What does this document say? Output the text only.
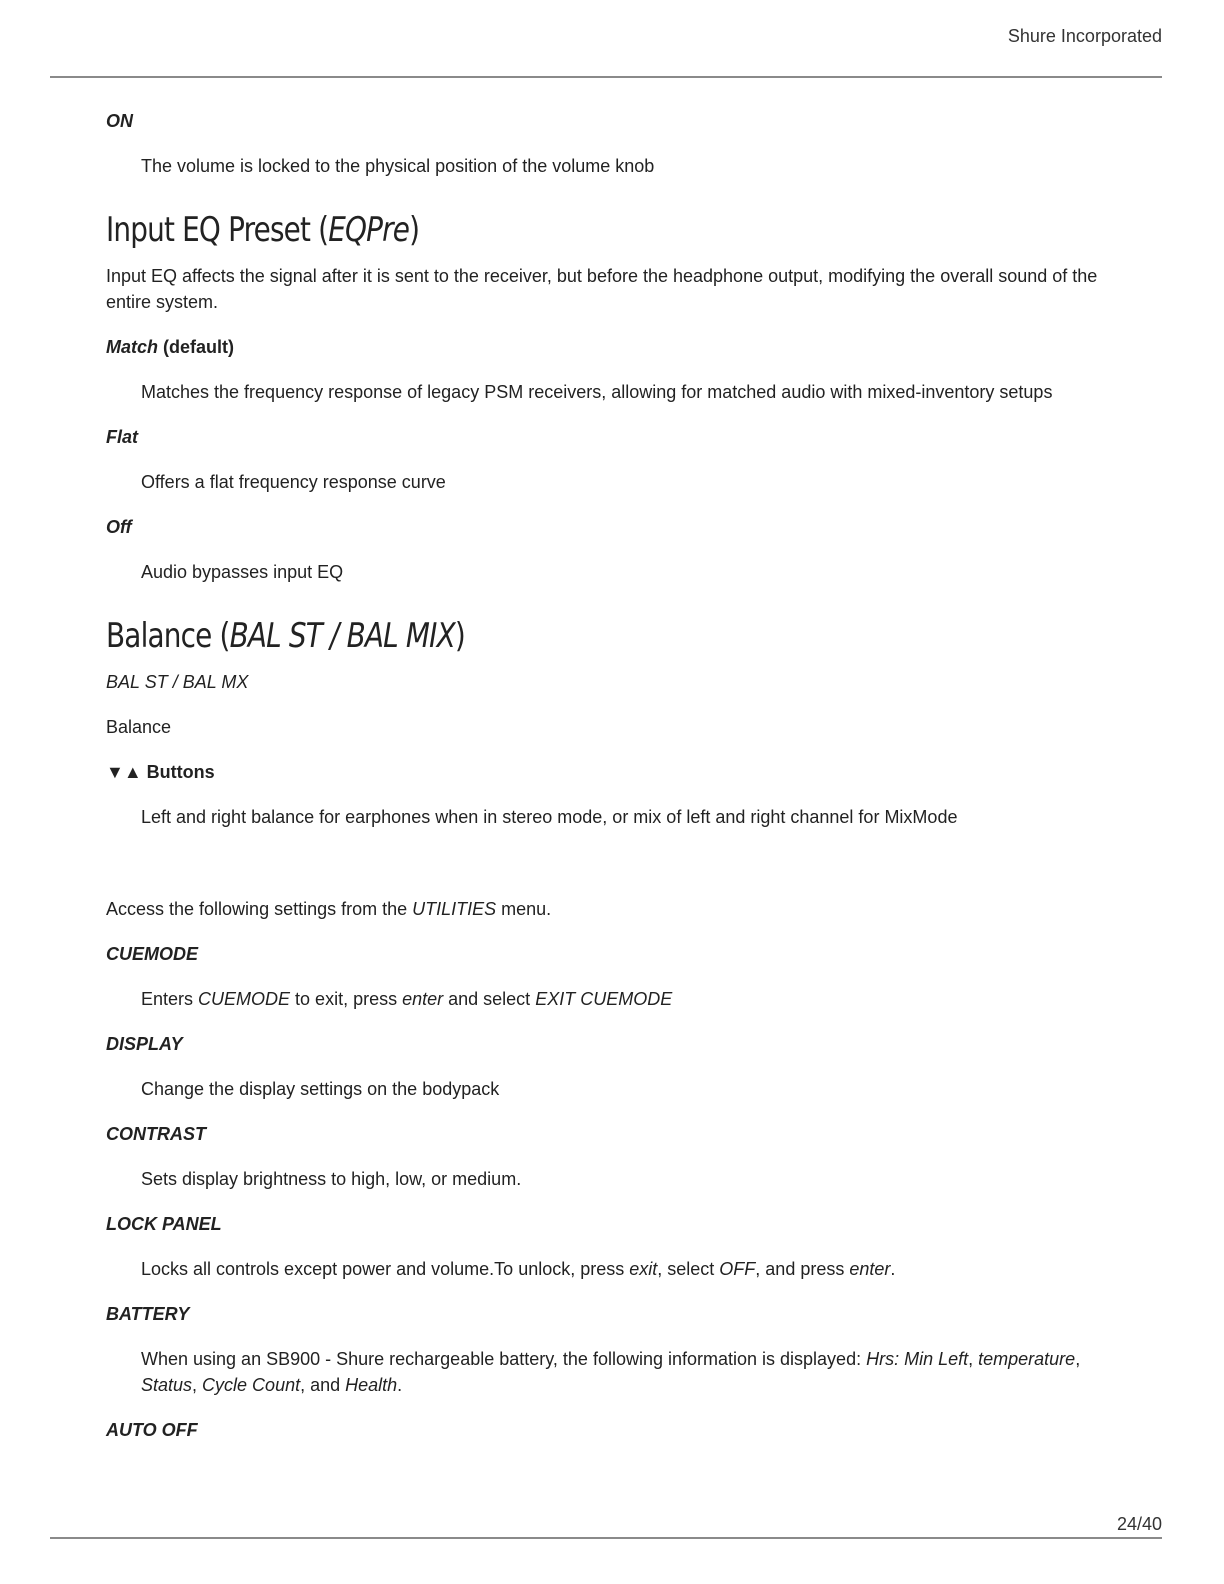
Shure Incorporated

ON

The volume is locked to the physical position of the volume knob

Input EQ Preset (EQPre)

Input EQ affects the signal after it is sent to the receiver, but before the headphone output, modifying the overall sound of the entire system.

Match (default)

Matches the frequency response of legacy PSM receivers, allowing for matched audio with mixed-inventory setups

Flat

Offers a flat frequency response curve

Off

Audio bypasses input EQ

Balance (BAL ST / BAL MIX)

BAL ST / BAL MX

Balance

▼▲ Buttons

Left and right balance for earphones when in stereo mode, or mix of left and right channel for MixMode

Access the following settings from the UTILITIES menu.

CUEMODE

Enters CUEMODE to exit, press enter and select EXIT CUEMODE

DISPLAY

Change the display settings on the bodypack

CONTRAST

Sets display brightness to high, low, or medium.

LOCK PANEL

Locks all controls except power and volume.To unlock, press exit, select OFF, and press enter.

BATTERY

When using an SB900 - Shure rechargeable battery, the following information is displayed: Hrs: Min Left, temperature, Status, Cycle Count, and Health.

AUTO OFF

24/40
